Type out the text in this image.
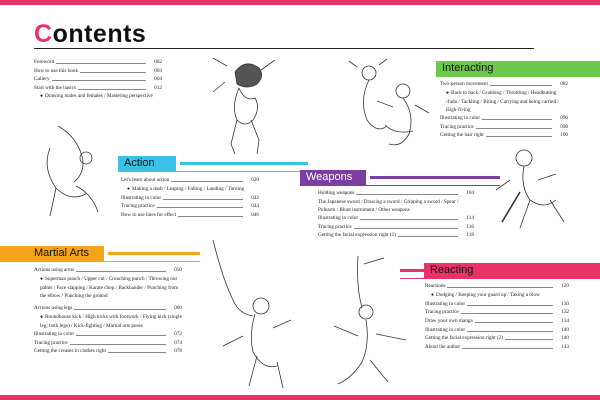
Contents
Foreword	002
How to use this book	003
Gallery	004
Start with the basics	012
● Drawing males and females / Mastering perspective
Action
Let's learn about action	020
● Making a dash / Leaping / Falling / Landing / Turning
Illustrating in color	042
Tracing practice	044
How to use lines for effect	046
Martial Arts
Actions using arms	050
● Superman punch / Upper cut / Crouching punch / Throwing out palms / Face slapping / Karate chop / Backhander / Punching from the elbow / Punching the ground
Actions using legs	060
● Roundhouse kick / High kicks with footwork / Flying kick (single leg; both legs) / Kick-fighting / Martial arts poses
Illustrating in color	072
Tracing practice	074
Getting the creases in clothes right	078
Interacting
Two-person movement	082
● Back to back / Grabbing / Throttling / Headbutting /Judo / Tackling / Biting / Carrying and being carried / High-fiving
Illustrating in color	096
Tracing practice	098
Getting the hair right	100
Weapons
Holding weapons	104
The Japanese sword / Drawing a sword / Gripping a sword / Spear / Polearm / Blunt instrument / Other weapons
Illustrating in color	114
Tracing practice	116
Getting the facial expression right (1)	118
Reacting
Reactions	120
● Dodging / Keeping your guard up / Taking a blow
Illustrating in color	130
Tracing practice	132
Draw your own manga	134
Illustrating in color	140
Getting the facial expression right (2)	140
About the author	143
